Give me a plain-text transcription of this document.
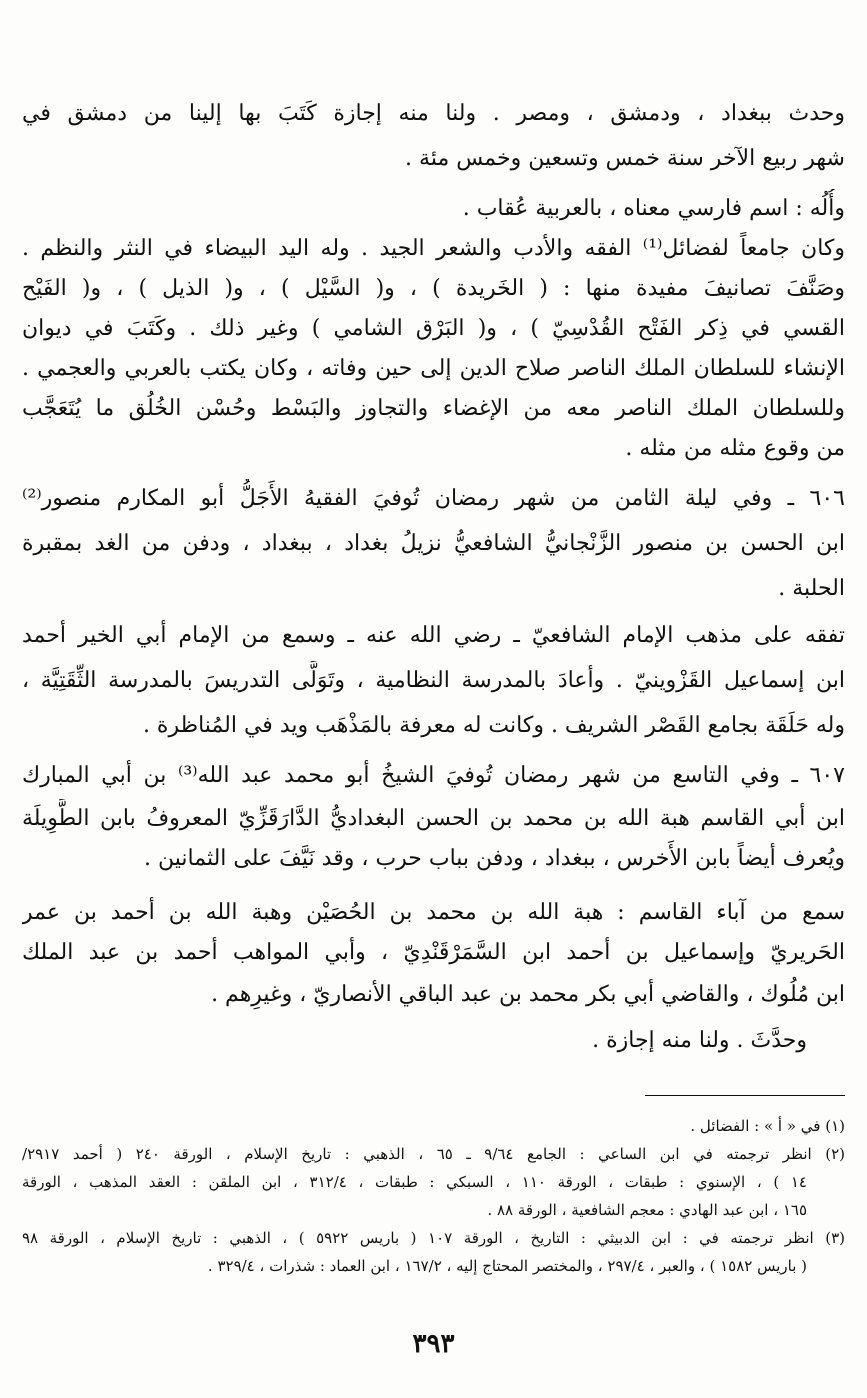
وحدث ببغداد ، ودمشق ، ومصر . ولنا منه إجازة كَتَبَ بها إلينا من دمشق في
شهر ربيع الآخر سنة خمس وتسعين وخمس مئة .
وأُلُه : اسم فارسي معناه ، بالعربية عُقاب .
وكان جامعاً لفضائل⁽¹⁾ الفقه والأدب والشعر الجيد . وله اليد البيضاء في النثر والنظم .
وصَنَّفَ تصانيفَ مفيدة منها : ( الخَريدة ) ، و( السَّيْل ) ، و( الذيل ) ، و( الفَيْح
القسي في ذِكر الفَتْح القُدْسِيّ ) ، و( البَرْق الشامي ) وغير ذلك . وكَتَبَ في ديوان
الإنشاء للسلطان الملك الناصر صلاح الدين إلى حين وفاته ، وكان يكتب بالعربي والعجمي .
وللسلطان الملك الناصر معه من الإغضاء والتجاوز والبَسْط وحُسْن الخُلُق ما يُتَعَجَّب
من وقوع مثله من مثله .
٦٠٦ ـ وفي ليلة الثامن من شهر رمضان تُوفيَ الفقيهُ الأَجَلُّ أبو المكارم منصور⁽²⁾
ابن الحسن بن منصور الزَّنْجانيُّ الشافعيُّ نزيلُ بغداد ، ببغداد ، ودفن من الغد بمقبرة
الحلبة .
تفقه على مذهب الإمام الشافعيّ ـ رضي الله عنه ـ وسمع من الإمام أبي الخير أحمد
ابن إسماعيل القَزْوينيّ . وأعادَ بالمدرسة النظامية ، وتَوَلَّى التدريسَ بالمدرسة الثِّقَتِيَّة ،
وله حَلَقَة بجامع القَصْر الشريف . وكانت له معرفة بالمَذْهَب ويد في المُناظرة .
٦٠٧ ـ وفي التاسع من شهر رمضان تُوفيَ الشيخُ أبو محمد عبد الله⁽³⁾ بن أبي المبارك
ابن أبي القاسم هبة الله بن محمد بن الحسن البغداديُّ الدَّارَقَزِّيّ المعروفُ بابن الطَّوِيلَة
ويُعرف أيضاً بابن الأَخرس ، ببغداد ، ودفن بباب حرب ، وقد نَيَّفَ على الثمانين .
سمع من آباء القاسم : هبة الله بن محمد بن الحُصَيْن وهبة الله بن أحمد بن عمر
الحَريريّ وإسماعيل بن أحمد ابن السَّمَرْقَنْدِيّ ، وأبي المواهب أحمد بن عبد الملك
ابن مُلُوك ، والقاضي أبي بكر محمد بن عبد الباقي الأنصاريّ ، وغيرِهم .
وحدَّثَ . ولنا منه إجازة .
(١) في « أ » : الفضائل .
(٢) انظر ترجمته في ابن الساعي : الجامع ٩/٦٤ ـ ٦٥ ، الذهبي : تاريخ الإسلام ، الورقة ٢٤٠ ( أحمد ٢٩١٧/
١٤ ) ، الإسنوي : طبقات ، الورقة ١١٠ ، السبكي : طبقات ، ٣١٢/٤ ، ابن الملقن : العقد المذهب ، الورقة
١٦٥ ، ابن عبد الهادي : معجم الشافعية ، الورقة ٨٨ .
(٣) انظر ترجمته في : ابن الدبيثي : التاريخ ، الورقة ١٠٧ ( باريس ٥٩٢٢ ) ، الذهبي : تاريخ الإسلام ، الورقة ٩٨
( باريس ١٥٨٢ ) ، والعبر ، ٢٩٧/٤ ، والمختصر المحتاج إليه ، ١٦٧/٢ ، ابن العماد : شذرات ، ٣٢٩/٤ .
٣٩٣
